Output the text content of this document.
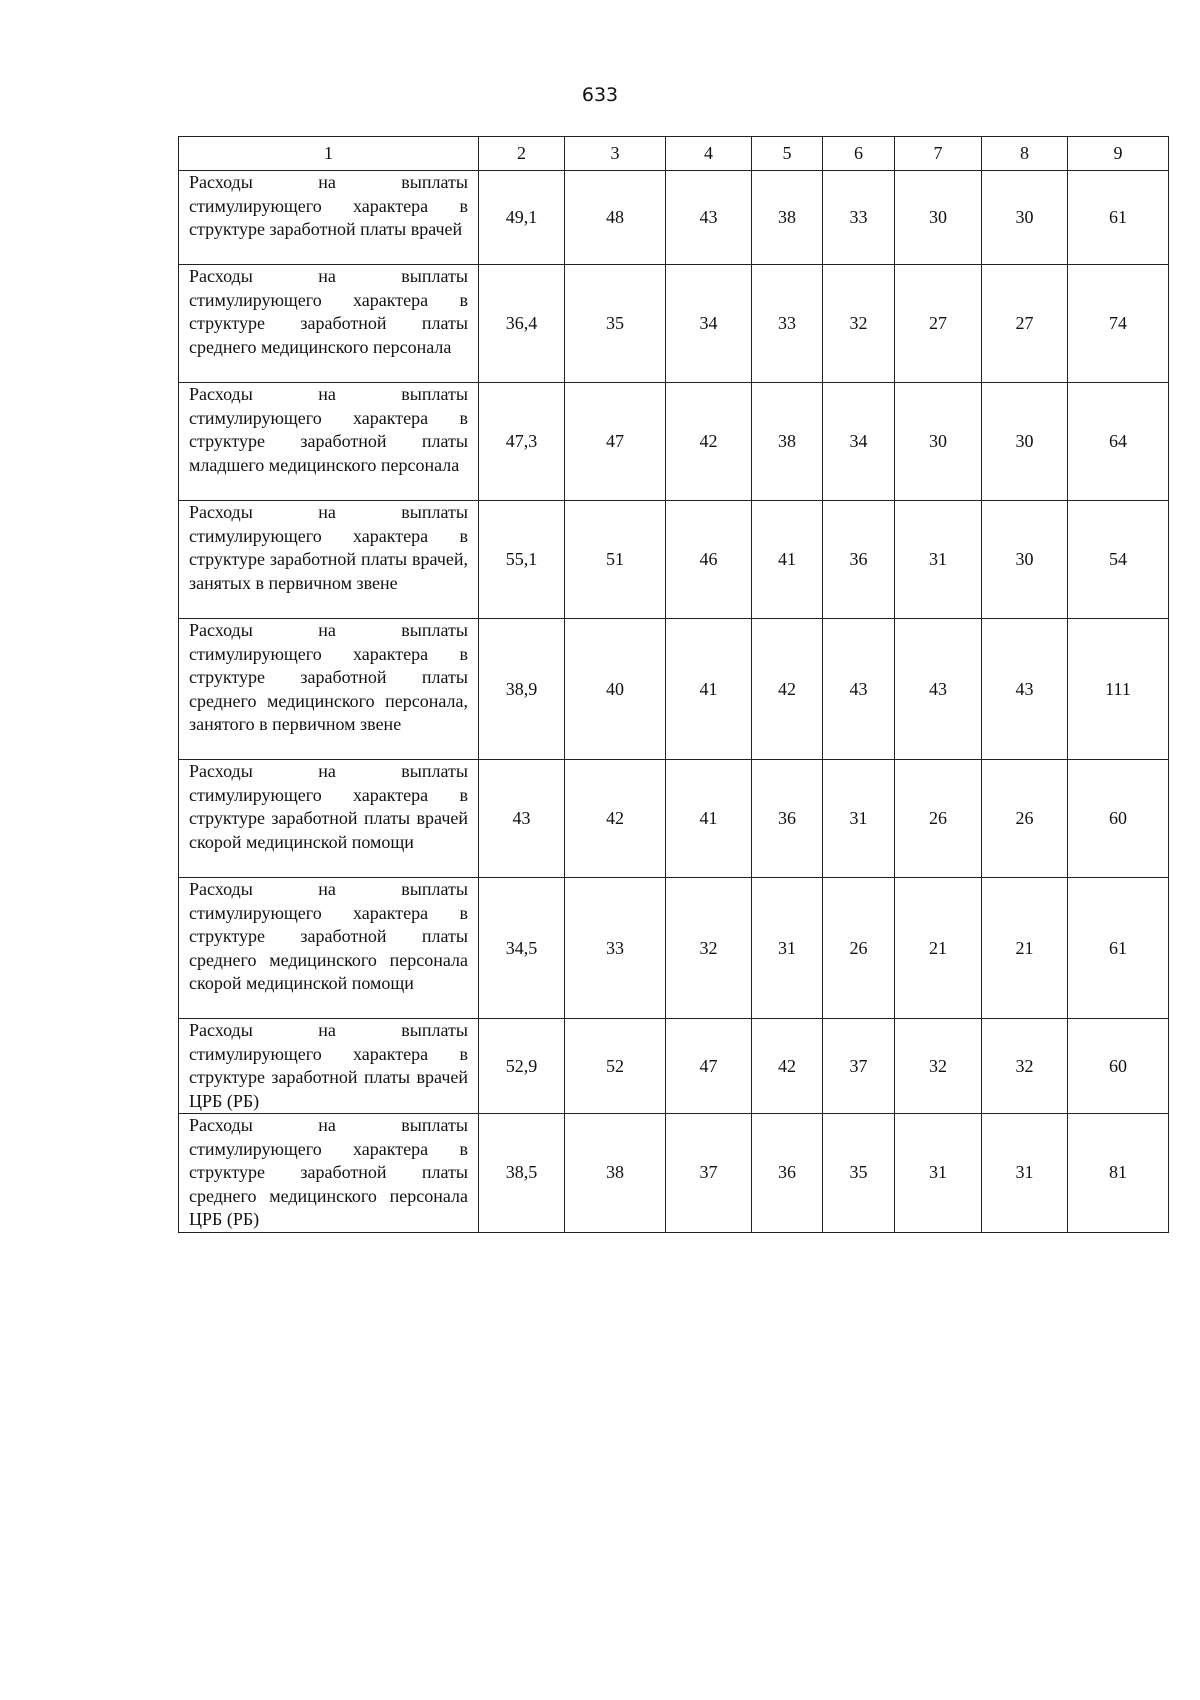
633
1	2	3	4	5	6	7	8	9
Расходы на выплаты стимулирующего характера в структуре заработной платы врачей	49,1	48	43	38	33	30	30	61
Расходы на выплаты стимулирующего характера в структуре заработной платы среднего медицинского персонала	36,4	35	34	33	32	27	27	74
Расходы на выплаты стимулирующего характера в структуре заработной платы младшего медицинского персонала	47,3	47	42	38	34	30	30	64
Расходы на выплаты стимулирующего характера в структуре заработной платы врачей, занятых в первичном звене	55,1	51	46	41	36	31	30	54
Расходы на выплаты стимулирующего характера в структуре заработной платы среднего медицинского персонала, занятого в первичном звене	38,9	40	41	42	43	43	43	111
Расходы на выплаты стимулирующего характера в структуре заработной платы врачей скорой медицинской помощи	43	42	41	36	31	26	26	60
Расходы на выплаты стимулирующего характера в структуре заработной платы среднего медицинского персонала скорой медицинской помощи	34,5	33	32	31	26	21	21	61
Расходы на выплаты стимулирующего характера в структуре заработной платы врачей ЦРБ (РБ)	52,9	52	47	42	37	32	32	60
Расходы на выплаты стимулирующего характера в структуре заработной платы среднего медицинского персонала ЦРБ (РБ)	38,5	38	37	36	35	31	31	81
